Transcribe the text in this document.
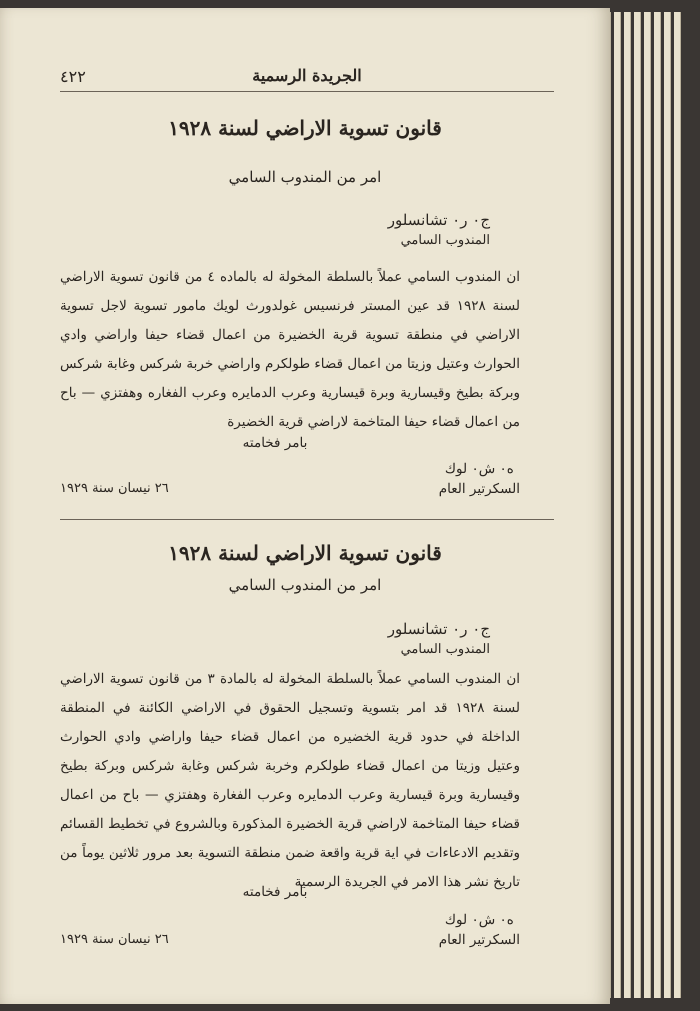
٤٢٢	الجريدة الرسمية
قانون تسوية الاراضي لسنة ١٩٢٨
امر من المندوب السامي
ج٠ ر٠ تشانسلور
المندوب السامي
ان المندوب السامي عملاً بالسلطة المخولة له بالماده ٤ من قانون تسوية الاراضي لسنة ١٩٢٨ قد عين المستر فرنسيس غولدورث لويك مامور تسوية لاجل تسوية الاراضي في منطقة تسوية قرية الخضيرة من اعمال قضاء حيفا واراضي وادي الحوارث وعتيل وزيتا من اعمال قضاء طولكرم واراضي خربة شركس وغابة شركس وبركة بطيخ وقيسارية وبرة قيسارية وعرب الدمايره وعرب الفغاره وهفتزي — باح من اعمال قضاء حيفا المتاخمة لاراضي قرية الخضيرة
بامر فخامته
ه٠ ش٠ لوك
السكرتير العام
٢٦ نيسان سنة ١٩٢٩
قانون تسوية الاراضي لسنة ١٩٢٨
امر من المندوب السامي
ج٠ ر٠ تشانسلور
المندوب السامي
ان المندوب السامي عملاً بالسلطة المخولة له بالمادة ٣ من قانون تسوية الاراضي لسنة ١٩٢٨ قد امر بتسوية وتسجيل الحقوق في الاراضي الكائنة في المنطقة الداخلة في حدود قرية الخضيره من اعمال قضاء حيفا واراضي وادي الحوارث وعتيل وزيتا من اعمال قضاء طولكرم وخربة شركس وغابة شركس وبركة بطيخ وقيسارية وبرة قيسارية وعرب الدمايره وعرب الفغارة وهفتزي — باح من اعمال قضاء حيفا المتاخمة لاراضي قرية الخضيرة المذكورة وبالشروع في تخطيط القسائم وتقديم الادعاءات في اية قرية واقعة ضمن منطقة التسوية بعد مرور ثلاثين يوماً من تاريخ نشر هذا الامر في الجريدة الرسمية
بامر فخامته
ه٠ ش٠ لوك
السكرتير العام
٢٦ نيسان سنة ١٩٢٩
